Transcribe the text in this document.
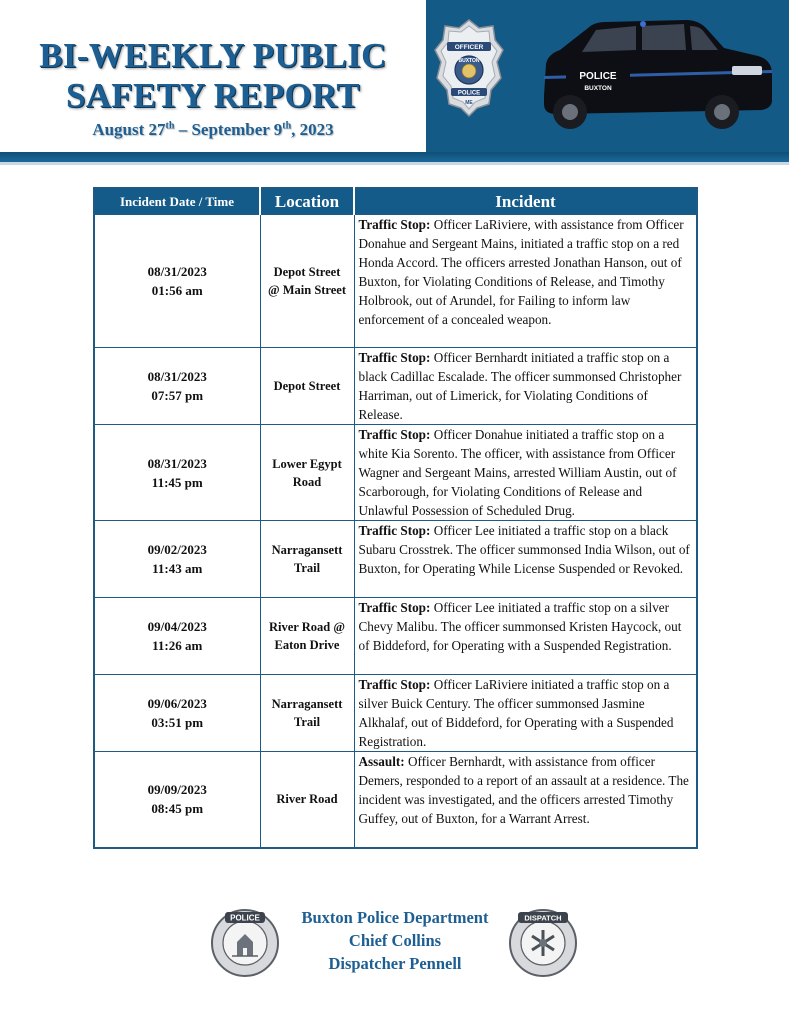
BI-WEEKLY PUBLIC
SAFETY REPORT
August 27th – September 9th, 2023
OFFICER
BUXTON
POLICE
ME
POLICE
BUXTON
Incident Date / Time	Location	Incident

08/31/2023
01:56 am	Depot Street @ Main Street	Traffic Stop: Officer LaRiviere, with assistance from Officer Donahue and Sergeant Mains, initiated a traffic stop on a red Honda Accord. The officers arrested Jonathan Hanson, out of Buxton, for Violating Conditions of Release, and Timothy Holbrook, out of Arundel, for Failing to inform law enforcement of a concealed weapon.

08/31/2023
07:57 pm	Depot Street	Traffic Stop: Officer Bernhardt initiated a traffic stop on a black Cadillac Escalade. The officer summonsed Christopher Harriman, out of Limerick, for Violating Conditions of Release.

08/31/2023
11:45 pm	Lower Egypt Road	Traffic Stop: Officer Donahue initiated a traffic stop on a white Kia Sorento. The officer, with assistance from Officer Wagner and Sergeant Mains, arrested William Austin, out of Scarborough, for Violating Conditions of Release and Unlawful Possession of Scheduled Drug.

09/02/2023
11:43 am	Narragansett Trail	Traffic Stop: Officer Lee initiated a traffic stop on a black Subaru Crosstrek. The officer summonsed India Wilson, out of Buxton, for Operating While License Suspended or Revoked.

09/04/2023
11:26 am	River Road @ Eaton Drive	Traffic Stop: Officer Lee initiated a traffic stop on a silver Chevy Malibu. The officer summonsed Kristen Haycock, out of Biddeford, for Operating with a Suspended Registration.

09/06/2023
03:51 pm	Narragansett Trail	Traffic Stop: Officer LaRiviere initiated a traffic stop on a silver Buick Century. The officer summonsed Jasmine Alkhalaf, out of Biddeford, for Operating with a Suspended Registration.

09/09/2023
08:45 pm	River Road	Assault: Officer Bernhardt, with assistance from officer Demers, responded to a report of an assault at a residence. The incident was investigated, and the officers arrested Timothy Guffey, out of Buxton, for a Warrant Arrest.
POLICE	Buxton Police Department
Chief Collins
Dispatcher Pennell
DISPATCH
